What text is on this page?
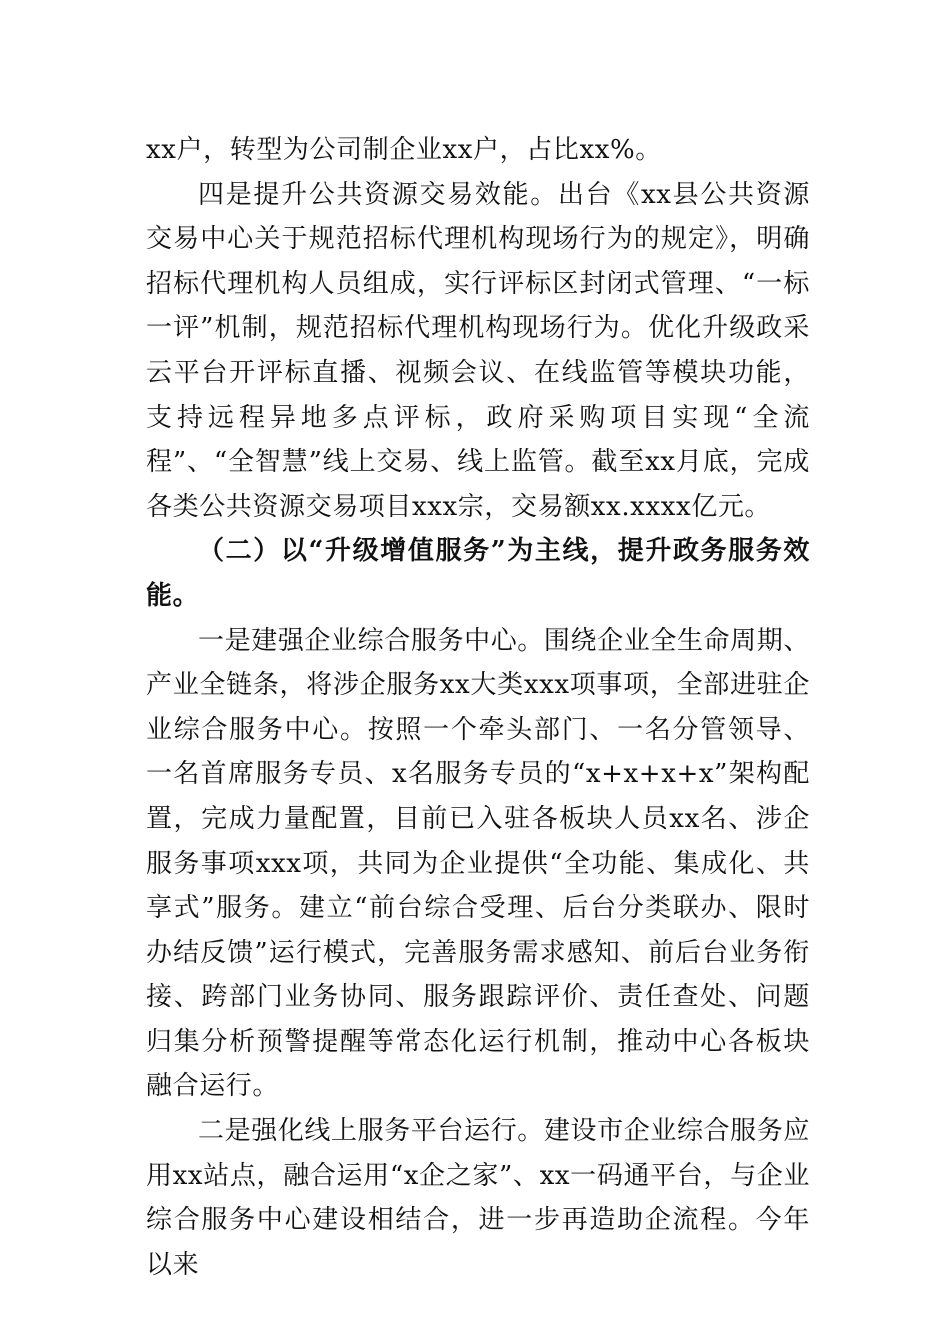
xx户，转型为公司制企业xx户，占比xx%。

四是提升公共资源交易效能。出台《xx县公共资源交易中心关于规范招标代理机构现场行为的规定》，明确招标代理机构人员组成，实行评标区封闭式管理、“一标一评”机制，规范招标代理机构现场行为。优化升级政采云平台开评标直播、视频会议、在线监管等模块功能，支持远程异地多点评标，政府采购项目实现“全流程”、“全智慧”线上交易、线上监管。截至xx月底，完成各类公共资源交易项目xxx宗，交易额xx.xxxx亿元。

（二）以“升级增值服务”为主线，提升政务服务效能。

一是建强企业综合服务中心。围绕企业全生命周期、产业全链条，将涉企服务xx大类xxx项事项，全部进驻企业综合服务中心。按照一个牵头部门、一名分管领导、一名首席服务专员、x名服务专员的“x+x+x+x”架构配置，完成力量配置，目前已入驻各板块人员xx名、涉企服务事项xxx项，共同为企业提供“全功能、集成化、共享式”服务。建立“前台综合受理、后台分类联办、限时办结反馈”运行模式，完善服务需求感知、前后台业务衔接、跨部门业务协同、服务跟踪评价、责任查处、问题归集分析预警提醒等常态化运行机制，推动中心各板块融合运行。

二是强化线上服务平台运行。建设市企业综合服务应用xx站点，融合运用“x企之家”、xx一码通平台，与企业综合服务中心建设相结合，进一步再造助企流程。今年以来
